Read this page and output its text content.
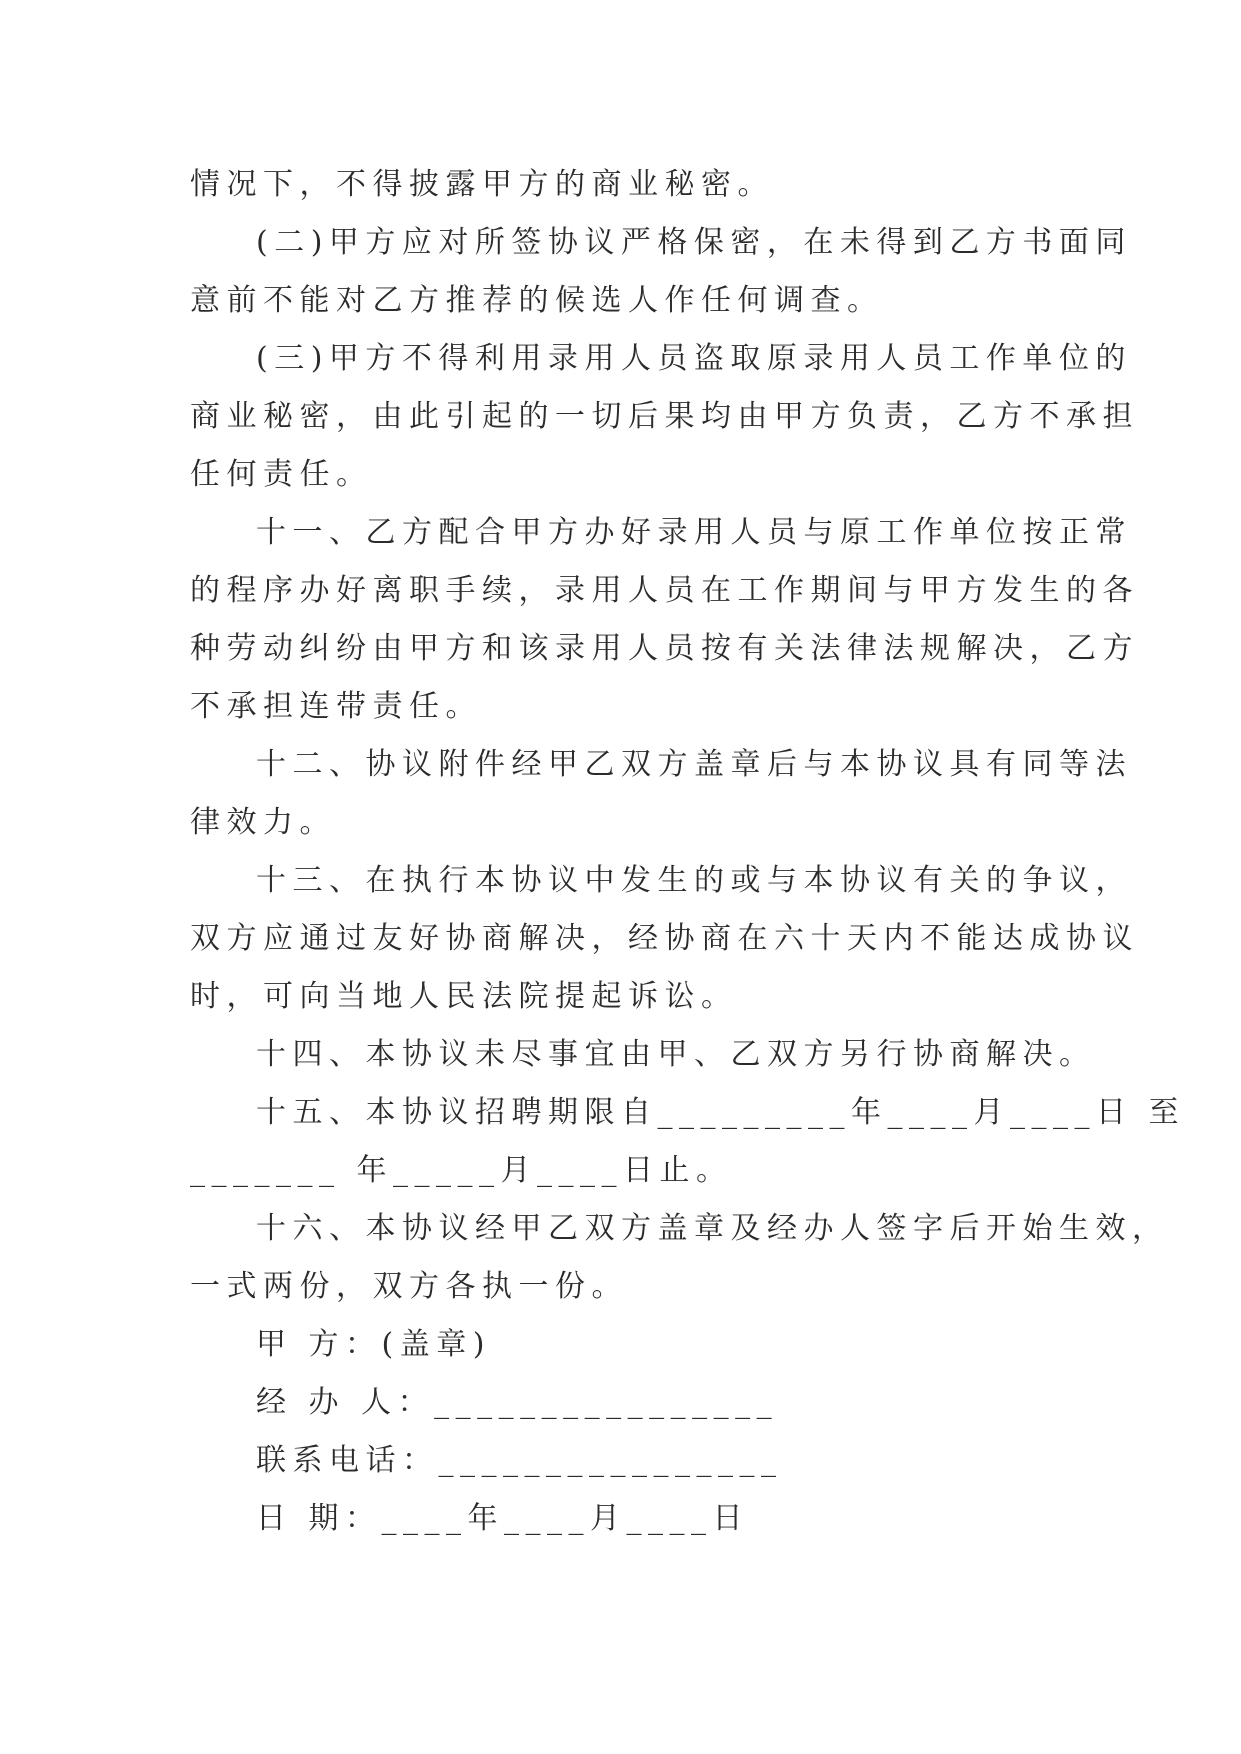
情况下，不得披露甲方的商业秘密。
(二)甲方应对所签协议严格保密，在未得到乙方书面同
意前不能对乙方推荐的候选人作任何调查。
(三)甲方不得利用录用人员盗取原录用人员工作单位的
商业秘密，由此引起的一切后果均由甲方负责，乙方不承担
任何责任。
十一、乙方配合甲方办好录用人员与原工作单位按正常
的程序办好离职手续，录用人员在工作期间与甲方发生的各
种劳动纠纷由甲方和该录用人员按有关法律法规解决，乙方
不承担连带责任。
十二、协议附件经甲乙双方盖章后与本协议具有同等法
律效力。
十三、在执行本协议中发生的或与本协议有关的争议，
双方应通过友好协商解决，经协商在六十天内不能达成协议
时，可向当地人民法院提起诉讼。
十四、本协议未尽事宜由甲、乙双方另行协商解决。
十五、本协议招聘期限自_________年____月____日 至
_______ 年_____月____日止。
十六、本协议经甲乙双方盖章及经办人签字后开始生效，
一式两份，双方各执一份。
甲 方：(盖章)
经 办 人：________________
联系电话：________________
日 期：____年____月____日
